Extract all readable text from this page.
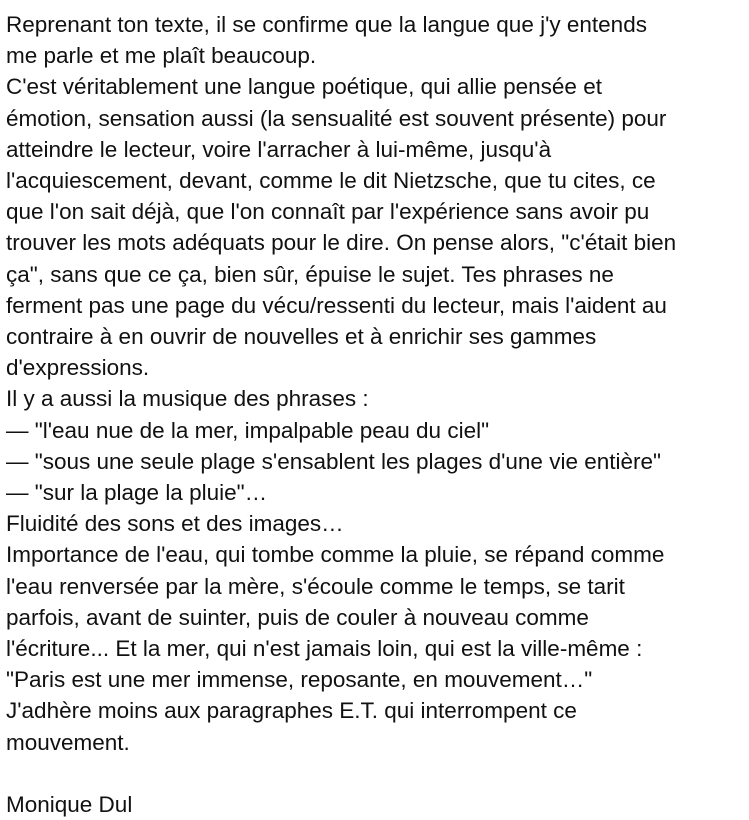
Reprenant ton texte, il se confirme que la langue que j'y entends
me parle et me plaît beaucoup.
C'est véritablement une langue poétique, qui allie pensée et
émotion, sensation aussi (la sensualité est souvent présente) pour
atteindre le lecteur, voire l'arracher à lui-même, jusqu'à
l'acquiescement, devant, comme le dit Nietzsche, que tu cites, ce
que l'on sait déjà, que l'on connaît par l'expérience sans avoir pu
trouver les mots adéquats pour le dire. On pense alors, "c'était bien
ça", sans que ce ça, bien sûr, épuise le sujet. Tes phrases ne
ferment pas une page du vécu/ressenti du lecteur, mais l'aident au
contraire à en ouvrir de nouvelles et à enrichir ses gammes
d'expressions.
Il y a aussi la musique des phrases :
— "l'eau nue de la mer, impalpable peau du ciel"
— "sous une seule plage s'ensablent les plages d'une vie entière"
— "sur la plage la pluie"…
Fluidité des sons et des images…
Importance de l'eau, qui tombe comme la pluie, se répand comme
l'eau renversée par la mère, s'écoule comme le temps, se tarit
parfois, avant de suinter, puis de couler à nouveau comme
l'écriture... Et la mer, qui n'est jamais loin, qui est la ville-même :
"Paris est une mer immense, reposante, en mouvement…"
J'adhère moins aux paragraphes E.T. qui interrompent ce
mouvement.
Monique Dul
